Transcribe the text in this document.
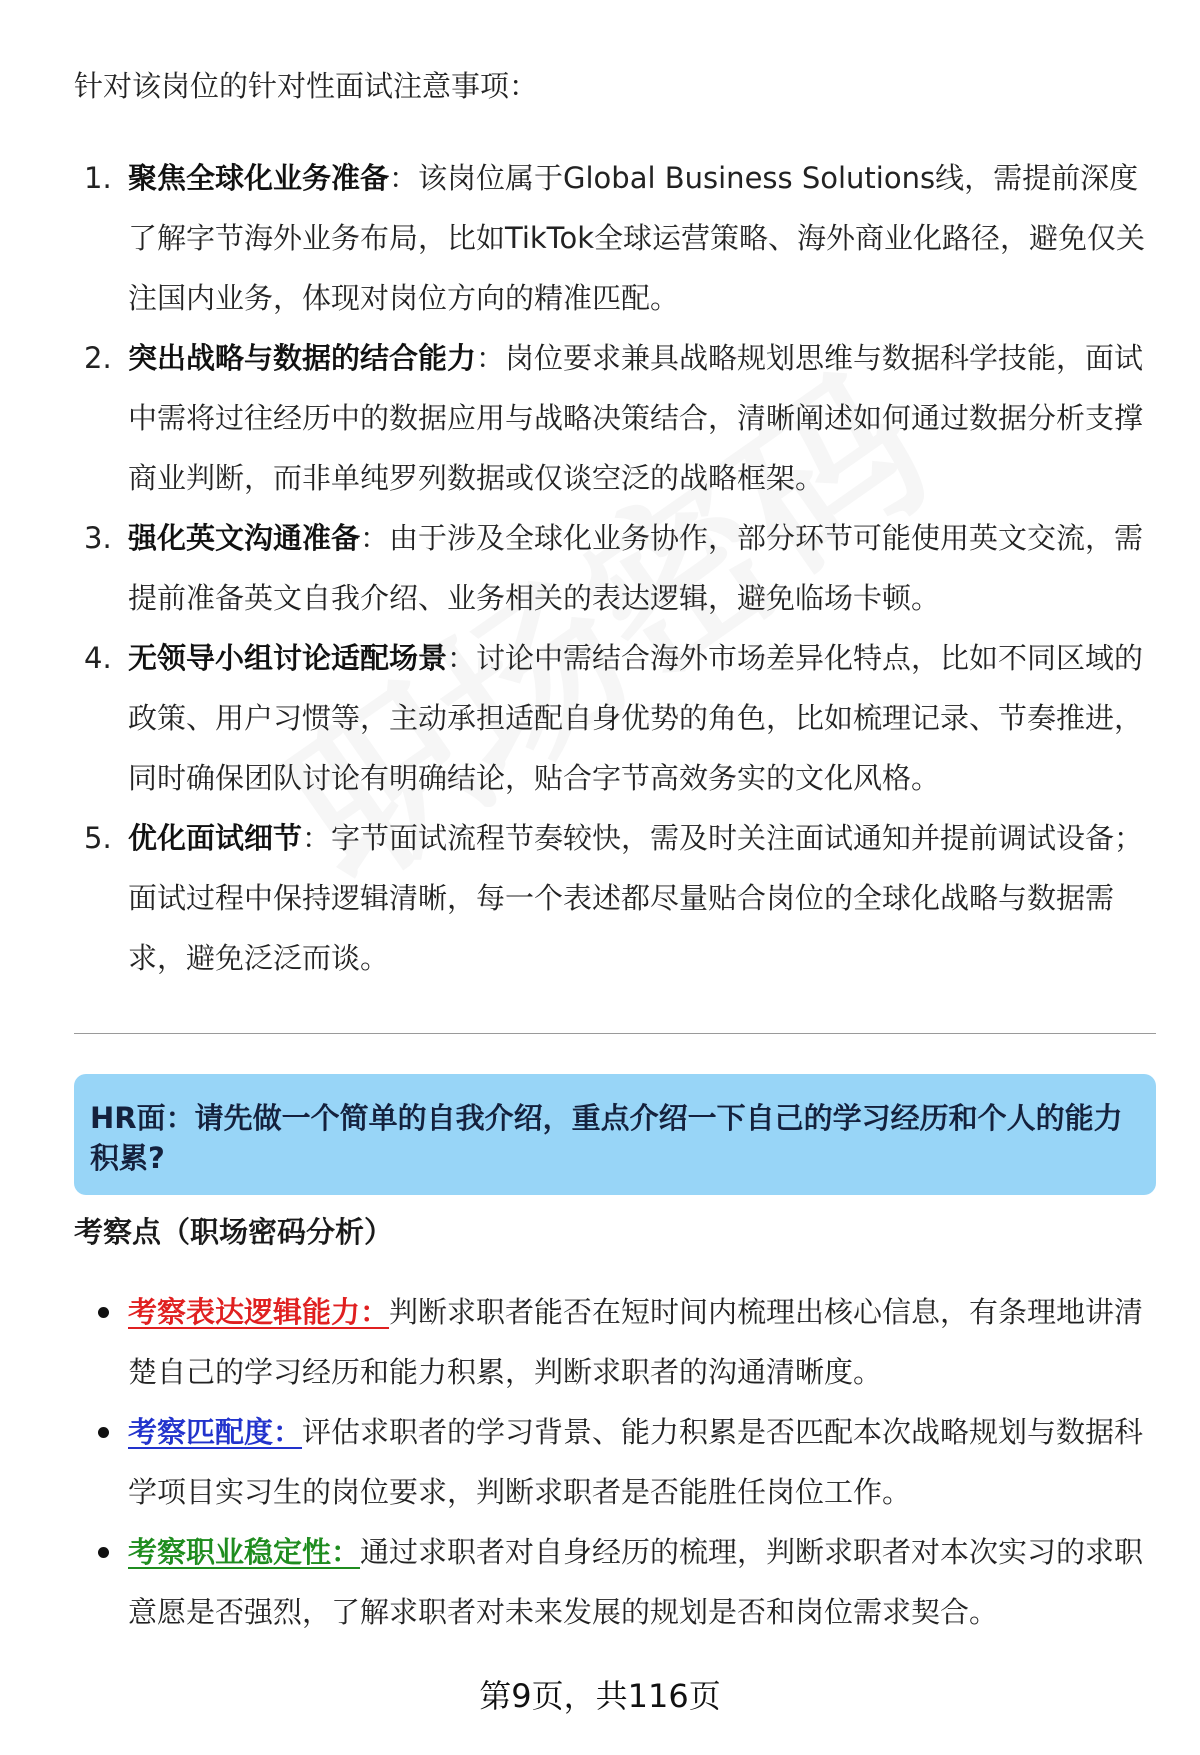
针对该岗位的针对性面试注意事项：
1. 聚焦全球化业务准备：该岗位属于Global Business Solutions线，需提前深度了解字节海外业务布局，比如TikTok全球运营策略、海外商业化路径，避免仅关注国内业务，体现对岗位方向的精准匹配。
2. 突出战略与数据的结合能力：岗位要求兼具战略规划思维与数据科学技能，面试中需将过往经历中的数据应用与战略决策结合，清晰阐述如何通过数据分析支撑商业判断，而非单纯罗列数据或仅谈空泛的战略框架。
3. 强化英文沟通准备：由于涉及全球化业务协作，部分环节可能使用英文交流，需提前准备英文自我介绍、业务相关的表达逻辑，避免临场卡顿。
4. 无领导小组讨论适配场景：讨论中需结合海外市场差异化特点，比如不同区域的政策、用户习惯等，主动承担适配自身优势的角色，比如梳理记录、节奏推进，同时确保团队讨论有明确结论，贴合字节高效务实的文化风格。
5. 优化面试细节：字节面试流程节奏较快，需及时关注面试通知并提前调试设备；面试过程中保持逻辑清晰，每一个表述都尽量贴合岗位的全球化战略与数据需求，避免泛泛而谈。
HR面：请先做一个简单的自我介绍，重点介绍一下自己的学习经历和个人的能力积累?
考察点（职场密码分析）
考察表达逻辑能力：判断求职者能否在短时间内梳理出核心信息，有条理地讲清楚自己的学习经历和能力积累，判断求职者的沟通清晰度。
考察匹配度：评估求职者的学习背景、能力积累是否匹配本次战略规划与数据科学项目实习生的岗位要求，判断求职者是否能胜任岗位工作。
考察职业稳定性：通过求职者对自身经历的梳理，判断求职者对本次实习的求职意愿是否强烈，了解求职者对未来发展的规划是否和岗位需求契合。
第9页，共116页
